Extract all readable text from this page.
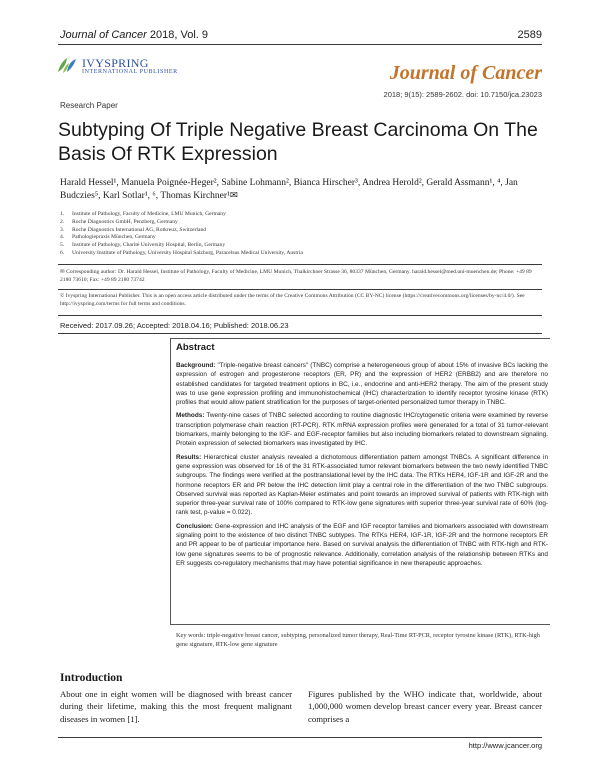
Journal of Cancer 2018, Vol. 9	2589
IVYSPRING
INTERNATIONAL PUBLISHER	Journal of Cancer
2018; 9(15): 2589-2602. doi: 10.7150/jca.23023
Research Paper
Subtyping Of Triple Negative Breast Carcinoma On The Basis Of RTK Expression
Harald Hessel¹, Manuela Poignée-Heger², Sabine Lohmann², Bianca Hirscher³, Andrea Herold², Gerald Assmann¹, ⁴, Jan Budczies⁵, Karl Sotlar¹, ⁶, Thomas Kirchner¹✉
1. Institute of Pathology, Faculty of Medicine, LMU Munich, Germany
2. Roche Diagnostics GmbH, Penzberg, Germany
3. Roche Diagnostics International AG, Rotkreuz, Switzerland
4. Pathologiepraxis München, Germany
5. Institute of Pathology, Charité University Hospital, Berlin, Germany
6. University Institute of Pathology, University Hospital Salzburg, Paracelsus Medical University, Austria
✉ Corresponding author: Dr. Harald Hessel, Institute of Pathology, Faculty of Medicine, LMU Munich, Thalkirchner Strasse 36, 80337 München, Germany. harald.hessel@med.uni-muenchen.de; Phone: +49 89 2180 73610; Fax: +49 89 2180 73742
© Ivyspring International Publisher. This is an open access article distributed under the terms of the Creative Commons Attribution (CC BY-NC) license (https://creativecommons.org/licenses/by-nc/4.0/). See http://ivyspring.com/terms for full terms and conditions.
Received: 2017.09.26; Accepted: 2018.04.16; Published: 2018.06.23
Abstract

Background: "Triple-negative breast cancers" (TNBC) comprise a heterogeneous group of about 15% of invasive BCs lacking the expression of estrogen and progesterone receptors (ER, PR) and the expression of HER2 (ERBB2) and are therefore no established candidates for targeted treatment options in BC, i.e., endocrine and anti-HER2 therapy. The aim of the present study was to use gene expression profiling and immunohistochemical (IHC) characterization to identify receptor tyrosine kinase (RTK) profiles that would allow patient stratification for the purposes of target-oriented personalized tumor therapy in TNBC.

Methods: Twenty-nine cases of TNBC selected according to routine diagnostic IHC/cytogenetic criteria were examined by reverse transcription polymerase chain reaction (RT-PCR). RTK mRNA expression profiles were generated for a total of 31 tumor-relevant biomarkers, mainly belonging to the IGF- and EGF-receptor families but also including biomarkers related to downstream signaling. Protein expression of selected biomarkers was investigated by IHC.

Results: Hierarchical cluster analysis revealed a dichotomous differentiation pattern amongst TNBCs. A significant difference in gene expression was observed for 16 of the 31 RTK-associated tumor relevant biomarkers between the two newly identified TNBC subgroups. The findings were verified at the posttranslational level by the IHC data. The RTKs HER4, IGF-1R and IGF-2R and the hormone receptors ER and PR below the IHC detection limit play a central role in the differentiation of the two TNBC subgroups. Observed survival was reported as Kaplan-Meier estimates and point towards an improved survival of patients with RTK-high with superior three-year survival rate of 100% compared to RTK-low gene signatures with superior three-year survival rate of 60% (log-rank test, p-value = 0.022).

Conclusion: Gene-expression and IHC analysis of the EGF and IGF receptor families and biomarkers associated with downstream signaling point to the existence of two distinct TNBC subtypes. The RTKs HER4, IGF-1R, IGF-2R and the hormone receptors ER and PR appear to be of particular importance here. Based on survival analysis the differentiation of TNBC with RTK-high and RTK-low gene signatures seems to be of prognostic relevance. Additionally, correlation analysis of the relationship between RTKs and ER suggests co-regulatory mechanisms that may have potential significance in new therapeutic approaches.

Key words: triple-negative breast cancer, subtyping, personalized tumor therapy, Real-Time RT-PCR, receptor tyrosine kinase (RTK), RTK-high gene signature, RTK-low gene signature
Introduction
About one in eight women will be diagnosed with breast cancer during their lifetime, making this the most frequent malignant diseases in women [1].
Figures published by the WHO indicate that, worldwide, about 1,000,000 women develop breast cancer every year. Breast cancer comprises a
http://www.jcancer.org
